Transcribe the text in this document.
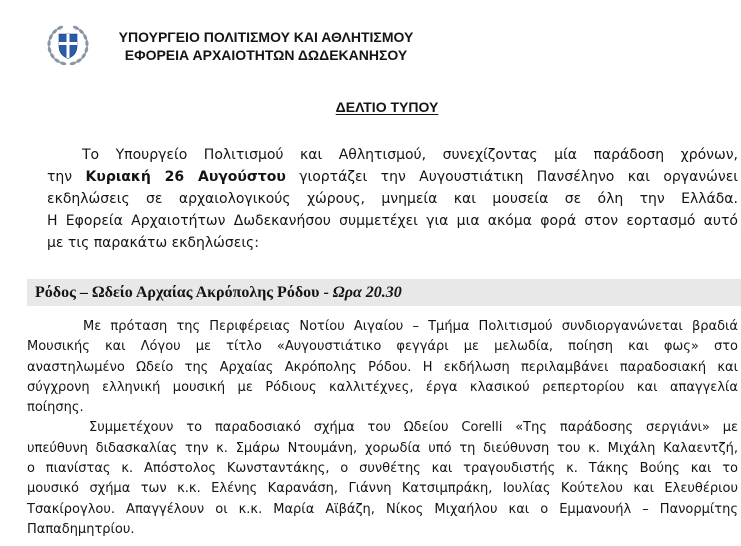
ΥΠΟΥΡΓΕΙΟ ΠΟΛΙΤΙΣΜΟΥ ΚΑΙ ΑΘΛΗΤΙΣΜΟΥ
ΕΦΟΡΕΙΑ ΑΡΧΑΙΟΤΗΤΩΝ ΔΩΔΕΚΑΝΗΣΟΥ
ΔΕΛΤΙΟ ΤΥΠΟΥ
Το Υπουργείο Πολιτισμού και Αθλητισμού, συνεχίζοντας μία παράδοση χρόνων,
την Κυριακή 26 Αυγούστου γιορτάζει την Αυγουστιάτικη Πανσέληνο και οργανώνει
εκδηλώσεις σε αρχαιολογικούς χώρους, μνημεία και μουσεία σε όλη την Ελλάδα.
Η Εφορεία Αρχαιοτήτων Δωδεκανήσου συμμετέχει για μια ακόμα φορά στον εορτασμό αυτό
με τις παρακάτω εκδηλώσεις:
Ρόδος – Ωδείο Αρχαίας Ακρόπολης Ρόδου - Ωρα 20.30
Με πρόταση της Περιφέρειας Νοτίου Αιγαίου – Τμήμα Πολιτισμού συνδιοργανώνεται βραδιά
Μουσικής και Λόγου με τίτλο «Αυγουστιάτικο φεγγάρι με μελωδία, ποίηση και φως» στο
αναστηλωμένο Ωδείο της Αρχαίας Ακρόπολης Ρόδου. Η εκδήλωση περιλαμβάνει παραδοσιακή και
σύγχρονη ελληνική μουσική με Ρόδιους καλλιτέχνες, έργα κλασικού ρεπερτορίου και απαγγελία
ποίησης.
Συμμετέχουν το παραδοσιακό σχήμα του Ωδείου Corelli «Της παράδοσης σεργιάνι» με
υπεύθυνη διδασκαλίας την κ. Σμάρω Ντουμάνη, χορωδία υπό τη διεύθυνση του κ. Μιχάλη Καλαεντζή,
ο πιανίστας κ. Απόστολος Κωνσταντάκης, ο συνθέτης και τραγουδιστής κ. Τάκης Βούης και το
μουσικό σχήμα των κ.κ. Ελένης Καρανάση, Γιάννη Κατσιμπράκη, Ιουλίας Κούτελου και Ελευθέριου
Τσακίρογλου. Απαγγέλουν οι κ.κ. Μαρία Αϊβάζη, Νίκος Μιχαήλου και ο Εμμανουήλ – Πανορμίτης
Παπαδημητρίου.
